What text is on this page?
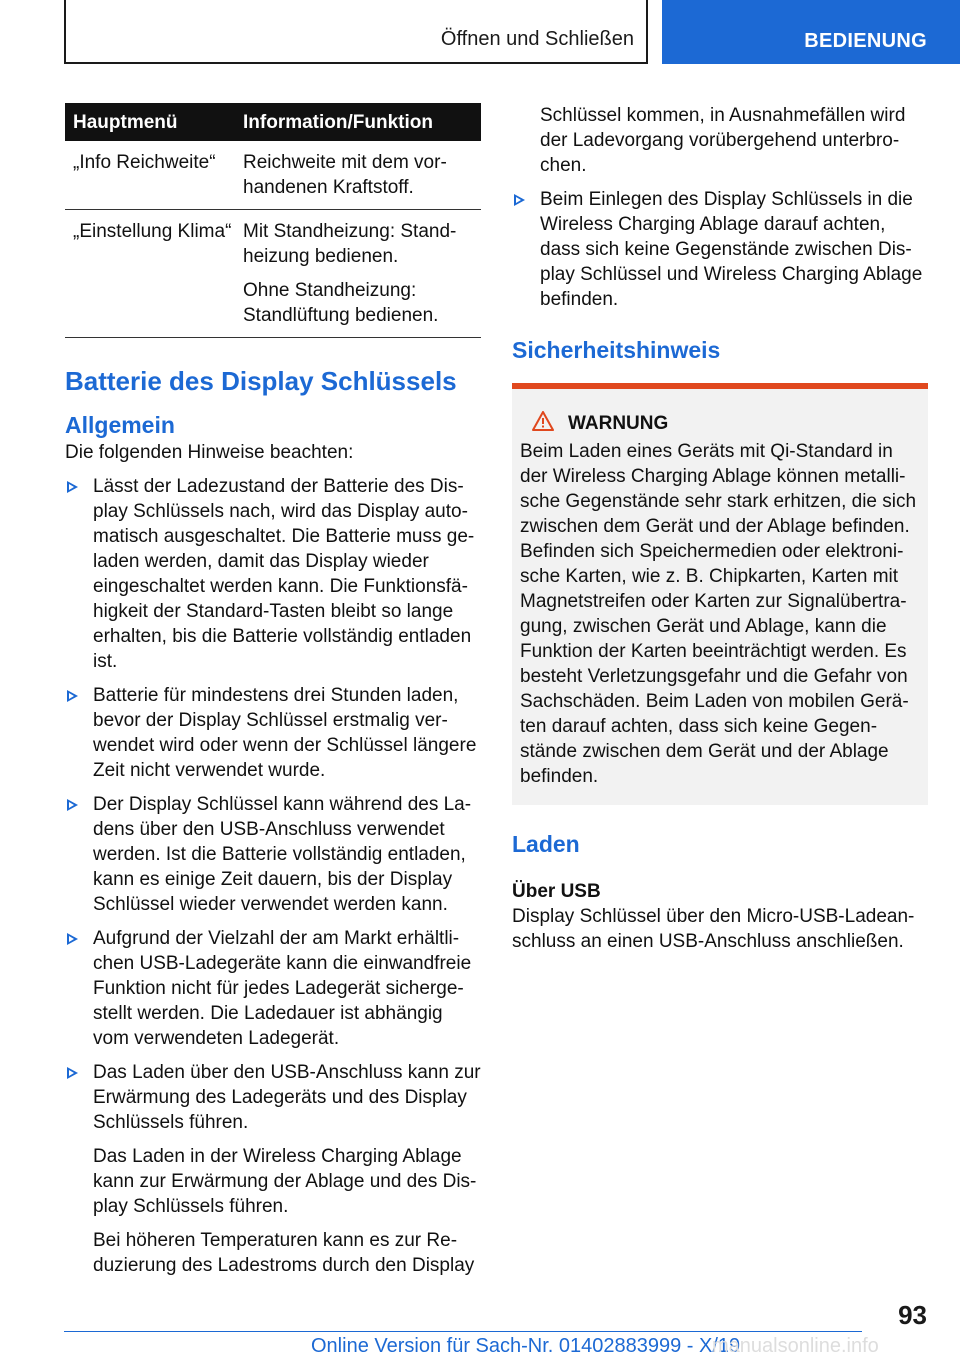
Öffnen und Schließen	BEDIENUNG
Hauptmenü	Information/Funktion
„Info Reichweite“	Reichweite mit dem vorhandenen Kraftstoff.

„Einstellung Klima“	Mit Standheizung: Standheizung bedienen.

Ohne Standheizung: Standlüftung bedienen.

Batterie des Display Schlüssels
Allgemein

Die folgenden Hinweise beachten:

Lässt der Ladezustand der Batterie des Display Schlüssels nach, wird das Display automatisch ausgeschaltet. Die Batterie muss geladen werden, damit das Display wieder eingeschaltet werden kann. Die Funktionsfähigkeit der Standard-Tasten bleibt so lange erhalten, bis die Batterie vollständig entladen ist.

Batterie für mindestens drei Stunden laden, bevor der Display Schlüssel erstmalig verwendet wird oder wenn der Schlüssel längere Zeit nicht verwendet wurde.

Der Display Schlüssel kann während des Ladens über den USB-Anschluss verwendet werden. Ist die Batterie vollständig entladen, kann es einige Zeit dauern, bis der Display Schlüssel wieder verwendet werden kann.

Aufgrund der Vielzahl der am Markt erhältlichen USB-Ladegeräte kann die einwandfreie Funktion nicht für jedes Ladegerät sichergestellt werden. Die Ladedauer ist abhängig vom verwendeten Ladegerät.

Das Laden über den USB-Anschluss kann zur Erwärmung des Ladegeräts und des Display Schlüssels führen.

Das Laden in der Wireless Charging Ablage kann zur Erwärmung der Ablage und des Display Schlüssels führen.

Bei höheren Temperaturen kann es zur Reduzierung des Ladestroms durch den Display

Schlüssel kommen, in Ausnahmefällen wird der Ladevorgang vorübergehend unterbrochen.

Beim Einlegen des Display Schlüssels in die Wireless Charging Ablage darauf achten, dass sich keine Gegenstände zwischen Display Schlüssel und Wireless Charging Ablage befinden.

Sicherheitshinweis
WARNUNG

Beim Laden eines Geräts mit Qi-Standard in der Wireless Charging Ablage können metallische Gegenstände sehr stark erhitzen, die sich zwischen dem Gerät und der Ablage befinden. Befinden sich Speichermedien oder elektronische Karten, wie z. B. Chipkarten, Karten mit Magnetstreifen oder Karten zur Signalübertragung, zwischen Gerät und Ablage, kann die Funktion der Karten beeinträchtigt werden. Es besteht Verletzungsgefahr und die Gefahr von Sachschäden. Beim Laden von mobilen Geräten darauf achten, dass sich keine Gegenstände zwischen dem Gerät und der Ablage befinden.

Laden
Über USB

Display Schlüssel über den Micro-USB-Ladeanschluss an einen USB-Anschluss anschließen.

93
Online Version für Sach-Nr. 01402883999 - X/19
manualsonline.info
